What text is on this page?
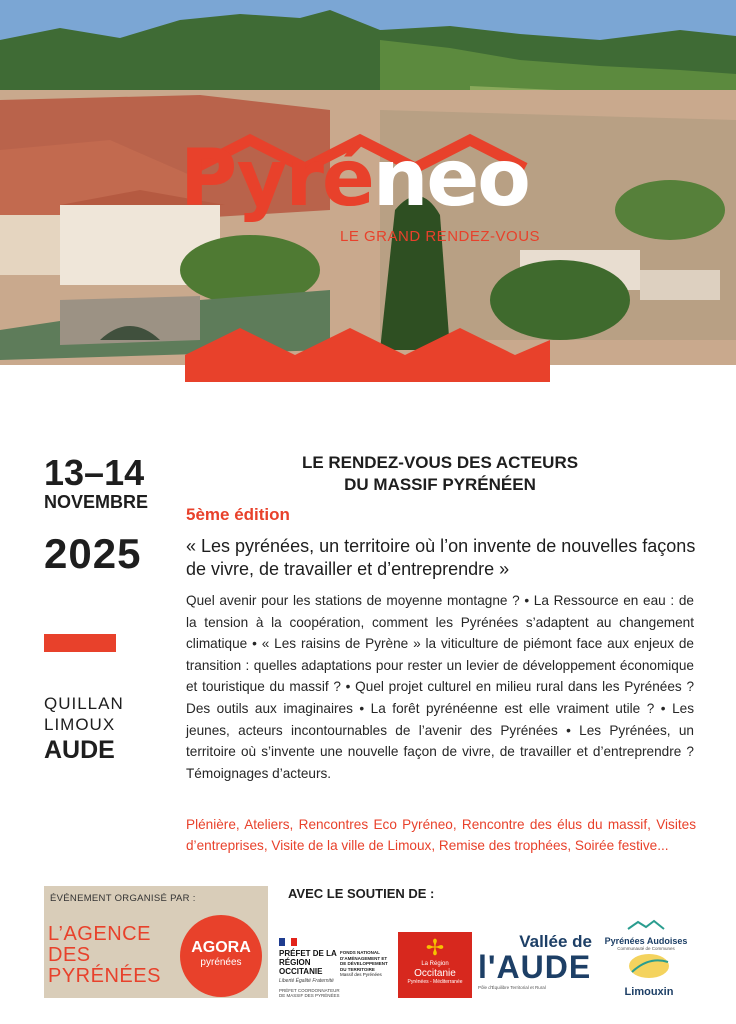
Pyréneo
LE GRAND RENDEZ-VOUS
13–14
NOVEMBRE
2025
QUILLAN
LIMOUX
AUDE
LE RENDEZ-VOUS DES ACTEURS
DU MASSIF PYRÉNÉEN
5ème édition
« Les pyrénées, un territoire où l’on invente de nouvelles façons de vivre, de travailler et d’entreprendre »
Quel avenir pour les stations de moyenne montagne ? • La Ressource en eau : de la tension à la coopération, comment les Pyrénées s’adaptent au changement climatique • « Les raisins de Pyrène » la viticulture de piémont face aux enjeux de transition : quelles adaptations pour rester un levier de développement économique et touristique du massif ? • Quel projet culturel en milieu rural dans les Pyrénées ? Des outils aux imaginaires • La forêt pyrénéenne est elle vraiment utile ? • Les jeunes, acteurs incontournables de l’avenir des Pyrénées • Les Pyrénées, un territoire où s’invente une nouvelle façon de vivre, de travailler et d’entreprendre ? Témoignages d’acteurs.
Plénière, Ateliers, Rencontres Eco Pyréneo, Rencontre des élus du massif, Visites d’entreprises, Visite de la ville de Limoux, Remise des trophées, Soirée festive...
ÉVÉNEMENT ORGANISÉ PAR :
L’AGENCE
DES
PYRÉNÉES
AGORA
pyrénées
AVEC LE SOUTIEN DE :
PRÉFET DE LA RÉGION OCCITANIE
Liberté Égalité Fraternité
PRÉFET COORDONNATEUR DE MASSIF DES PYRÉNÉES
FONDS NATIONAL D'AMÉNAGEMENT ET DE DÉVELOPPEMENT DU TERRITOIRE
Massif des Pyrénées
✢
La Région
Occitanie
Pyrénées - Méditerranée
Vallée de
l'AUDE
Pôle d'Équilibre Territorial et Rural
Pyrénées Audoises
Communauté de Communes
Limouxin
